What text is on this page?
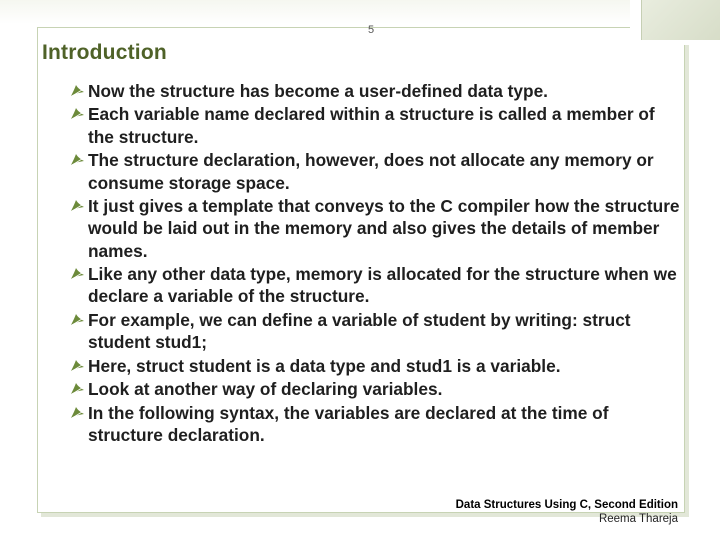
5
Introduction
Now the structure has become a user-defined data type.
Each variable name declared within a structure is called a member of the structure.
The structure declaration, however, does not allocate any memory or consume storage space.
It just gives a template that conveys to the C compiler how the structure would be laid out in the memory and also gives the details of member names.
Like any other data type, memory is allocated for the structure when we declare a variable of the structure.
For example, we can define a variable of student by writing: struct student stud1;
Here, struct student is a data type and stud1 is a variable.
Look at another way of declaring variables.
In the following syntax, the variables are declared at the time of structure declaration.
Data Structures Using C, Second Edition
Reema Thareja
